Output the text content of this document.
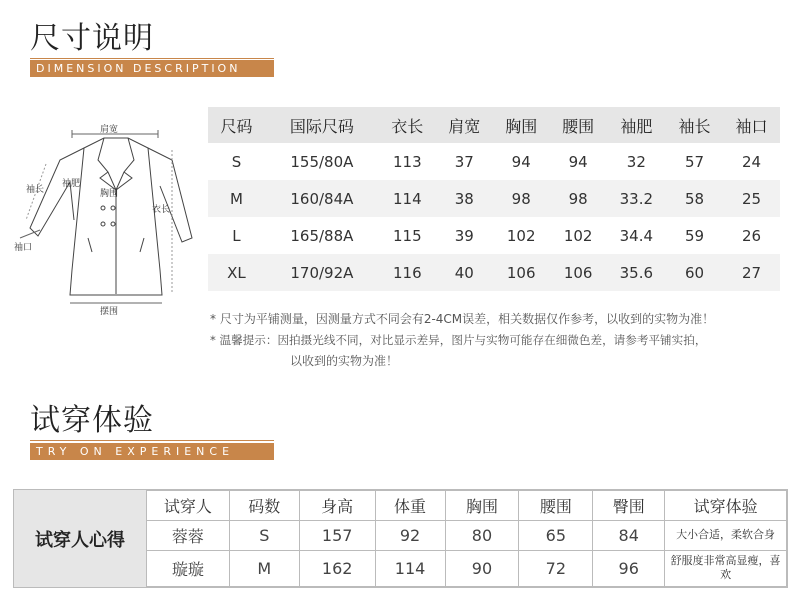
尺寸说明
DIMENSION DESCRIPTION
肩宽
袖长
袖肥
胸围
衣长
袖口
摆围
尺码	国际尺码	衣长	肩宽	胸围	腰围	袖肥	袖长	袖口
S	155/80A	113	37	94	94	32	57	24
M	160/84A	114	38	98	98	33.2	58	25
L	165/88A	115	39	102	102	34.4	59	26
XL	170/92A	116	40	106	106	35.6	60	27
* 尺寸为平铺测量，因测量方式不同会有2-4CM误差，相关数据仅作参考，以收到的实物为准！
* 温馨提示：因拍摄光线不同，对比显示差异，图片与实物可能存在细微色差，请参考平铺实拍，
以收到的实物为准！
试穿体验
TRY ON EXPERIENCE
试穿人心得
试穿人	码数	身高	体重	胸围	腰围	臀围	试穿体验
蓉蓉	S	157	92	80	65	84	大小合适，柔软合身
璇璇	M	162	114	90	72	96	舒服度非常高显瘦，喜欢
